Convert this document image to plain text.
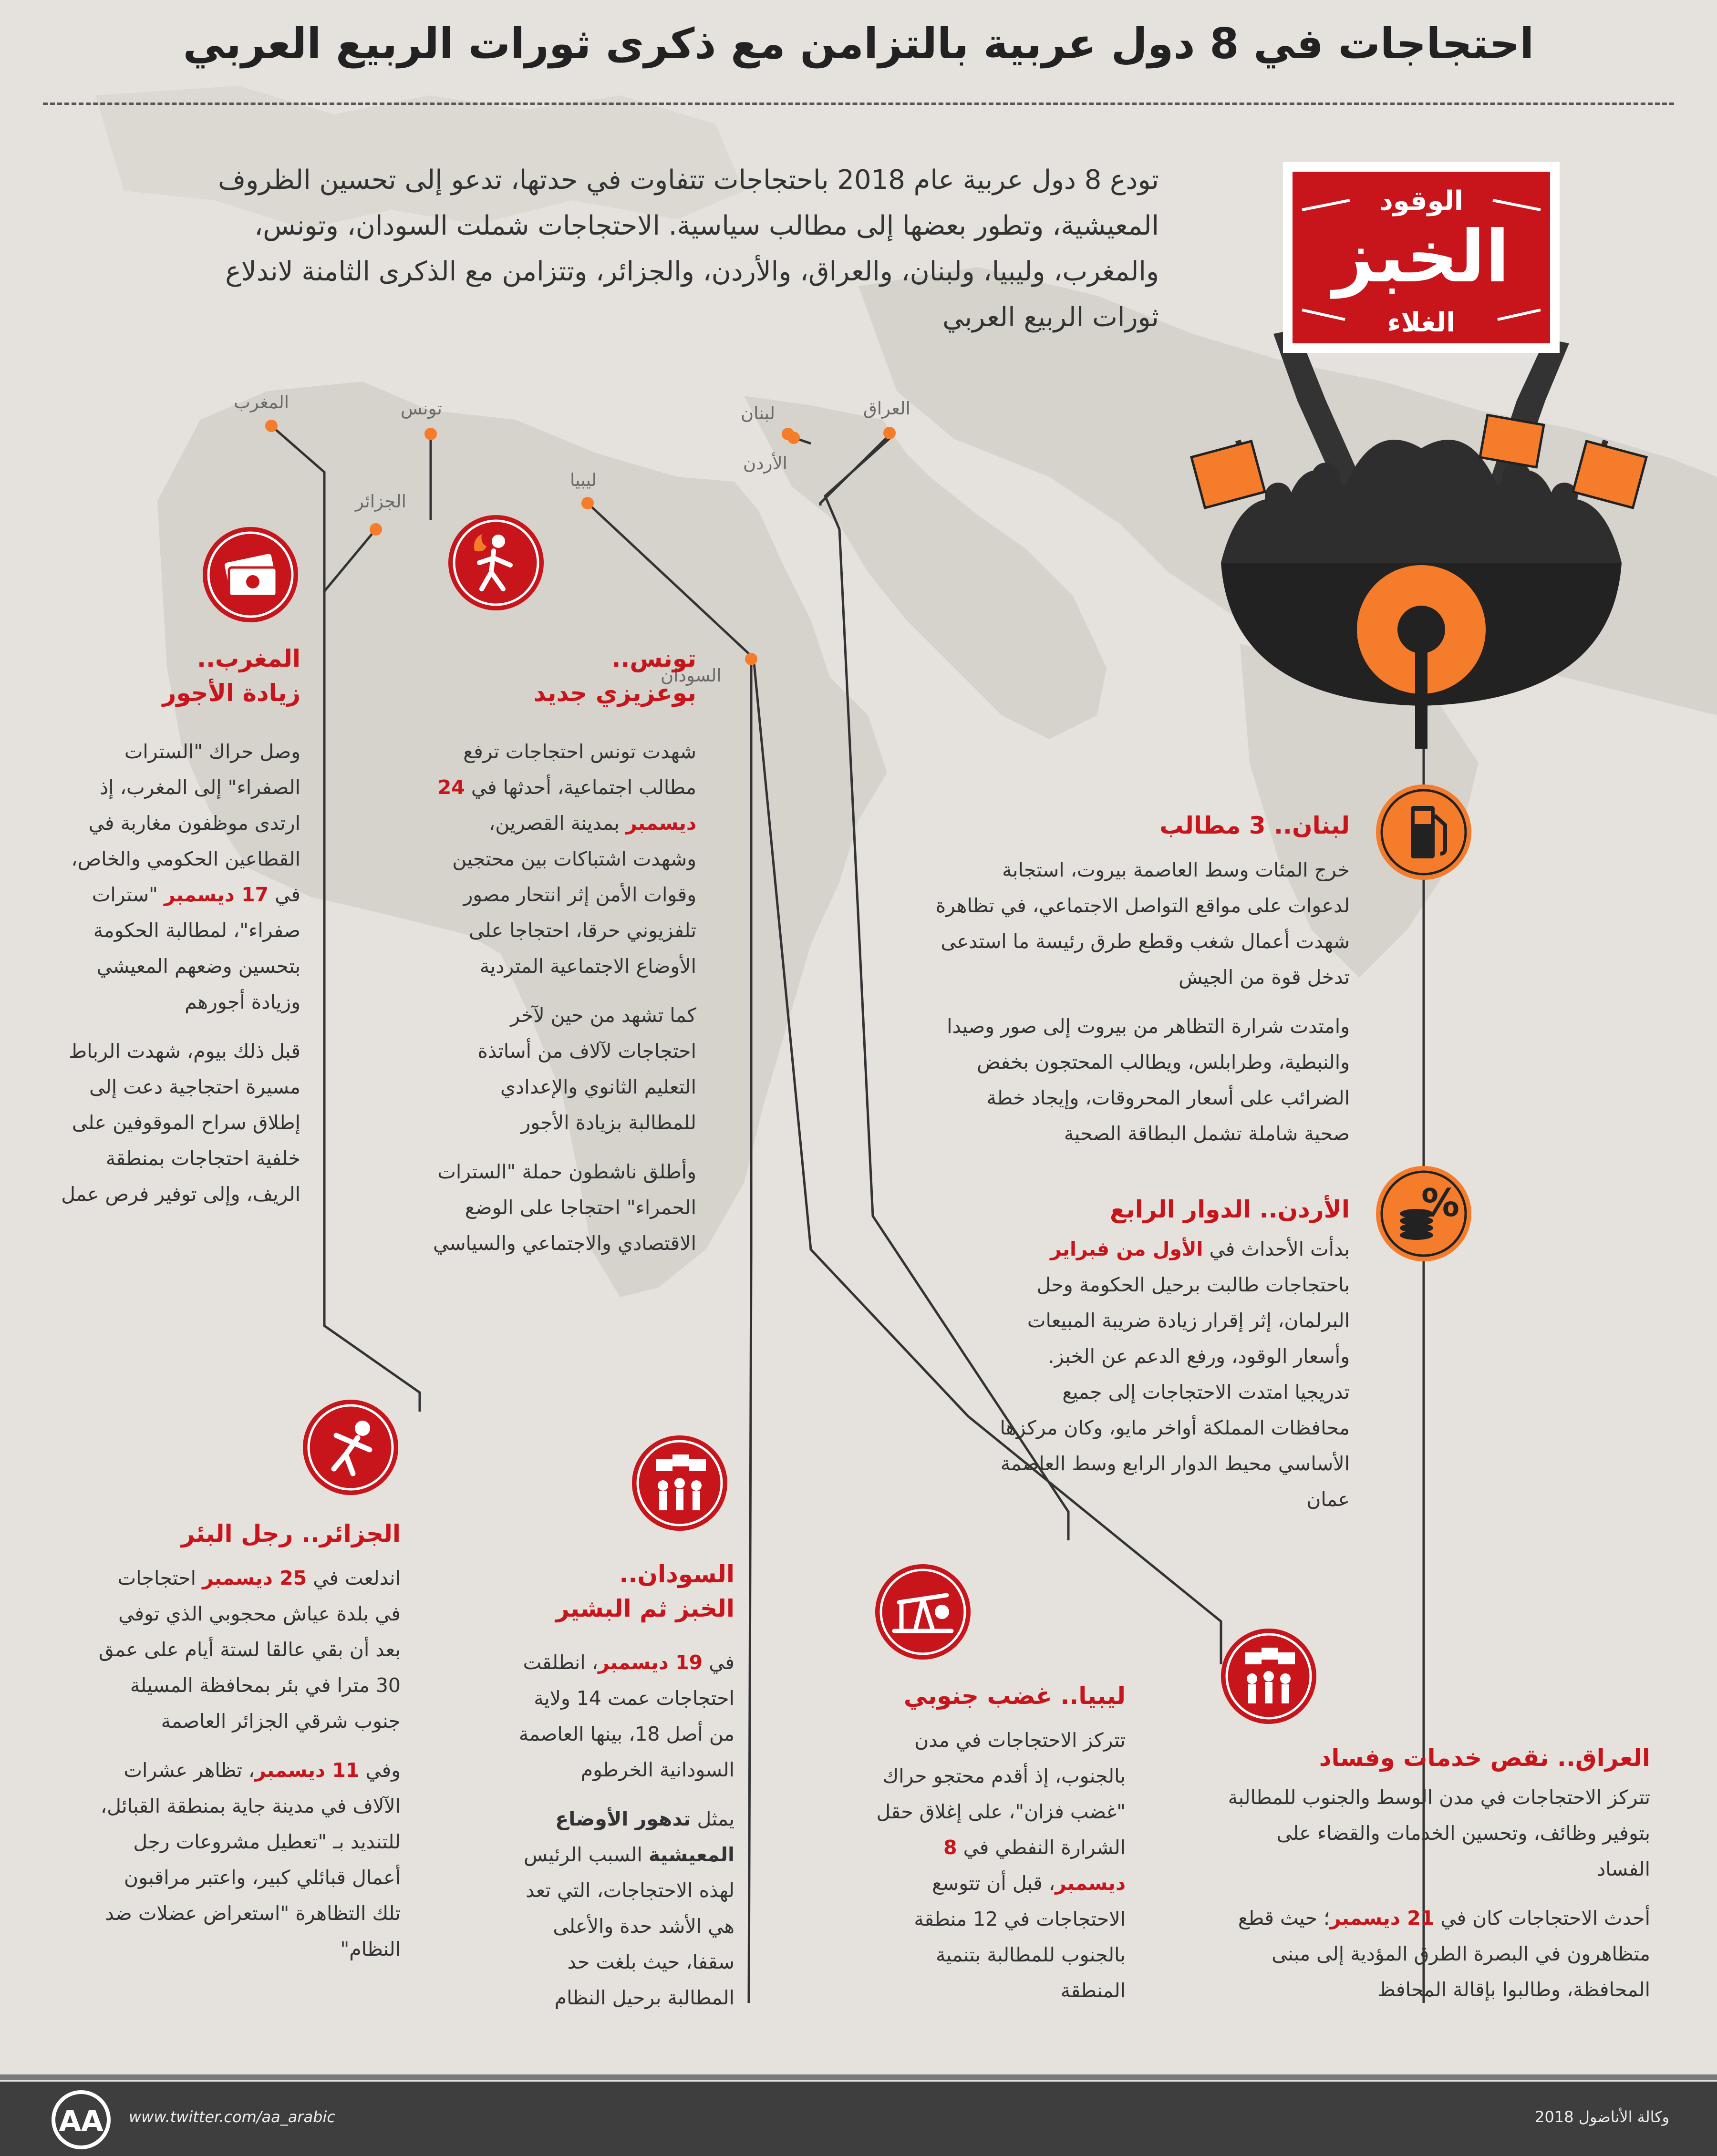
احتجاجات في 8 دول عربية بالتزامن مع ذكرى ثورات الربيع العربي
تودع 8 دول عربية عام 2018 باحتجاجات تتفاوت في حدتها، تدعو إلى تحسين الظروف المعيشية، وتطور بعضها إلى مطالب سياسية. الاحتجاجات شملت السودان، وتونس، والمغرب، وليبيا، ولبنان، والعراق، والأردن، والجزائر، وتتزامن مع الذكرى الثامنة لاندلاع ثورات الربيع العربي
الوقود
الخبز
الغلاء
المغرب	تونس
الجزائر
ليبيا
السودان
لبنان
الأردن
العراق
%
المغرب..
زيادة الأجور

وصل حراك "السترات الصفراء" إلى المغرب، إذ ارتدى موظفون مغاربة في القطاعين الحكومي والخاص، في 17 ديسمبر "سترات صفراء"، لمطالبة الحكومة بتحسين وضعهم المعيشي وزيادة أجورهم

قبل ذلك بيوم، شهدت الرباط مسيرة احتجاجية دعت إلى إطلاق سراح الموقوفين على خلفية احتجاجات بمنطقة الريف، وإلى توفير فرص عمل

تونس..
بوعزيزي جديد

شهدت تونس احتجاجات ترفع مطالب اجتماعية، أحدثها في 24 ديسمبر بمدينة القصرين، وشهدت اشتباكات بين محتجين وقوات الأمن إثر انتحار مصور تلفزيوني حرقا، احتجاجا على الأوضاع الاجتماعية المتردية

كما تشهد من حين لآخر احتجاجات لآلاف من أساتذة التعليم الثانوي والإعدادي للمطالبة بزيادة الأجور

وأطلق ناشطون حملة "السترات الحمراء" احتجاجا على الوضع الاقتصادي والاجتماعي والسياسي

لبنان.. 3 مطالب

خرج المئات وسط العاصمة بيروت، استجابة لدعوات على مواقع التواصل الاجتماعي، في تظاهرة شهدت أعمال شغب وقطع طرق رئيسة ما استدعى تدخل قوة من الجيش

وامتدت شرارة التظاهر من بيروت إلى صور وصيدا والنبطية، وطرابلس، ويطالب المحتجون بخفض الضرائب على أسعار المحروقات، وإيجاد خطة صحية شاملة تشمل البطاقة الصحية

الأردن.. الدوار الرابع

بدأت الأحداث في الأول من فبراير باحتجاجات طالبت برحيل الحكومة وحل البرلمان، إثر إقرار زيادة ضريبة المبيعات وأسعار الوقود، ورفع الدعم عن الخبز. تدريجيا امتدت الاحتجاجات إلى جميع محافظات المملكة أواخر مايو، وكان مركزها الأساسي محيط الدوار الرابع وسط العاصمة عمان

الجزائر.. رجل البئر

اندلعت في 25 ديسمبر احتجاجات في بلدة عياش محجوبي الذي توفي بعد أن بقي عالقا لستة أيام على عمق 30 مترا في بئر بمحافظة المسيلة جنوب شرقي الجزائر العاصمة

وفي 11 ديسمبر، تظاهر عشرات الآلاف في مدينة جاية بمنطقة القبائل، للتنديد بـ "تعطيل مشروعات رجل أعمال قبائلي كبير، واعتبر مراقبون تلك التظاهرة "استعراض عضلات ضد النظام"

السودان..
الخبز ثم البشير

في 19 ديسمبر، انطلقت احتجاجات عمت 14 ولاية من أصل 18، بينها العاصمة السودانية الخرطوم

يمثل تدهور الأوضاع المعيشية السبب الرئيس لهذه الاحتجاجات، التي تعد هي الأشد حدة والأعلى سقفا، حيث بلغت حد المطالبة برحيل النظام

ليبيا.. غضب جنوبي

تتركز الاحتجاجات في مدن بالجنوب، إذ أقدم محتجو حراك "غضب فزان"، على إغلاق حقل الشرارة النفطي في 8 ديسمبر، قبل أن تتوسع الاحتجاجات في 12 منطقة بالجنوب للمطالبة بتنمية المنطقة

العراق.. نقص خدمات وفساد

تتركز الاحتجاجات في مدن الوسط والجنوب للمطالبة بتوفير وظائف، وتحسين الخدمات والقضاء على الفساد

أحدث الاحتجاجات كان في 21 ديسمبر؛ حيث قطع متظاهرون في البصرة الطرق المؤدية إلى مبنى المحافظة، وطالبوا بإقالة المحافظ

AA www.twitter.com/aa_arabic	وكالة الأناضول 2018
